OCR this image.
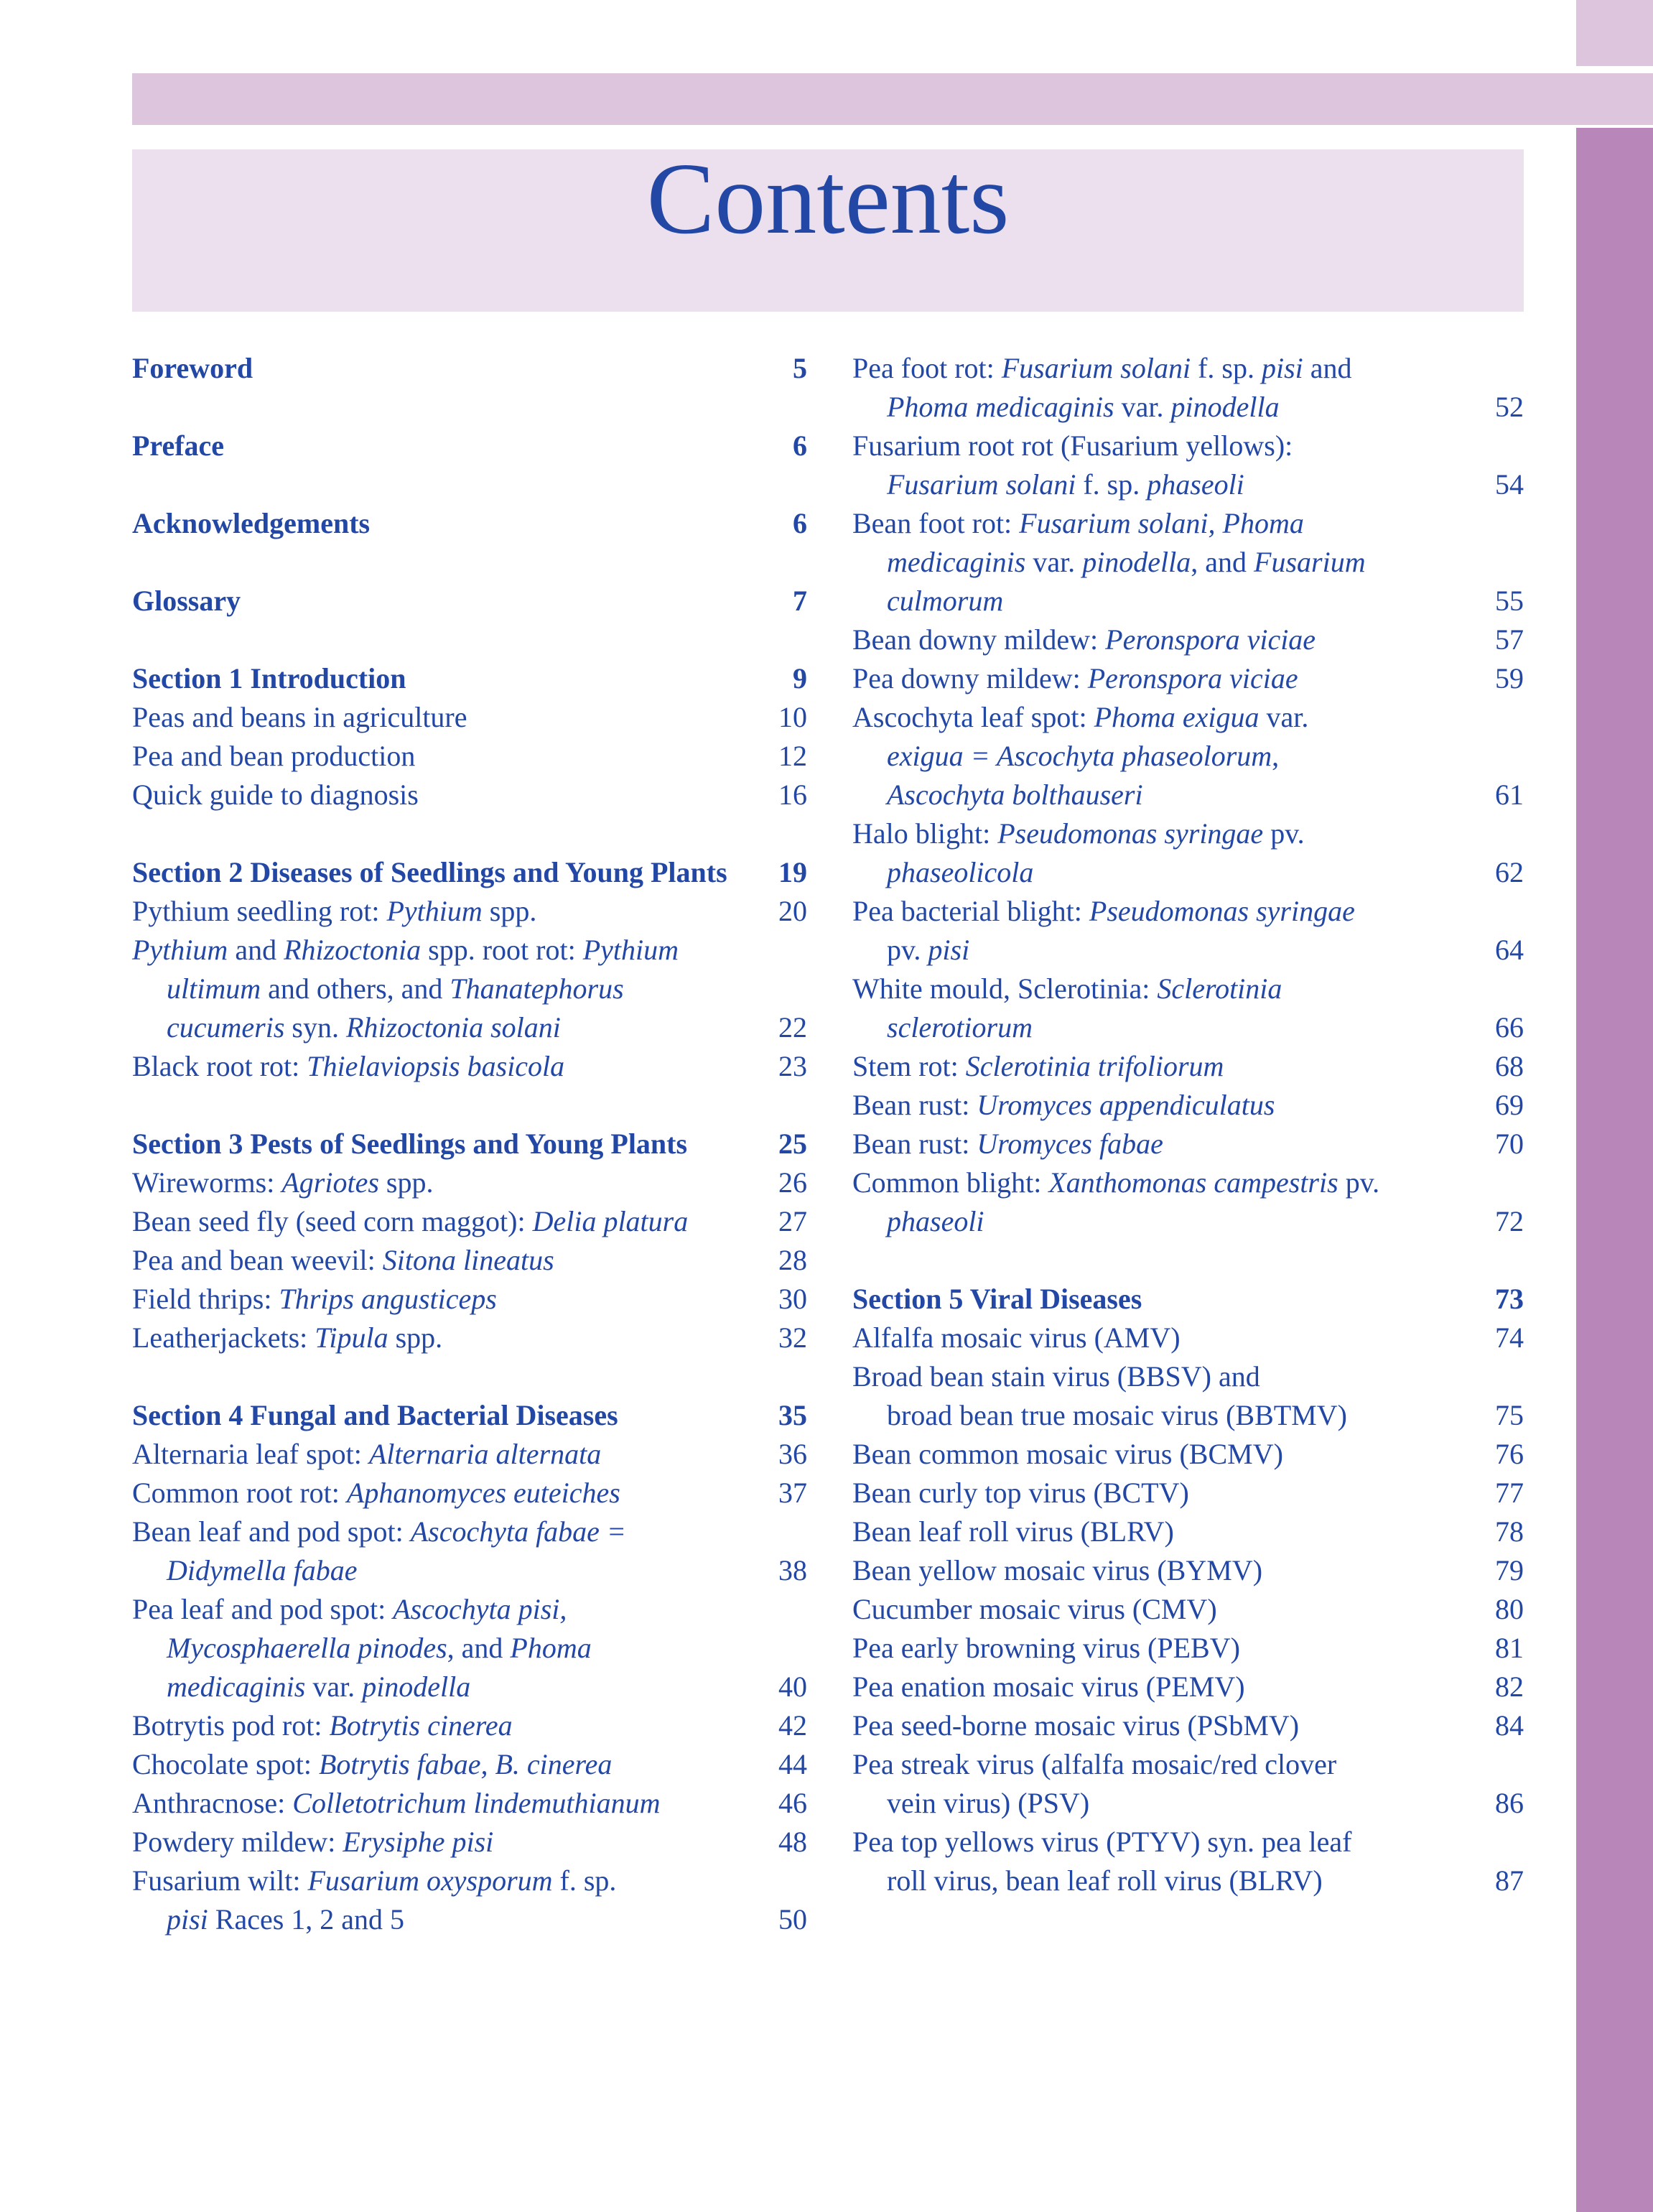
Contents
Foreword	5
Preface	6
Acknowledgements	6
Glossary	7
Section 1 Introduction	9
Peas and beans in agriculture	10
Pea and bean production	12
Quick guide to diagnosis	16
Section 2 Diseases of Seedlings and Young Plants	19
Pythium seedling rot: Pythium spp.	20
Pythium and Rhizoctonia spp. root rot: Pythium
ultimum and others, and Thanatephorus
cucumeris syn. Rhizoctonia solani	22
Black root rot: Thielaviopsis basicola	23
Section 3 Pests of Seedlings and Young Plants	25
Wireworms: Agriotes spp.	26
Bean seed fly (seed corn maggot): Delia platura	27
Pea and bean weevil: Sitona lineatus	28
Field thrips: Thrips angusticeps	30
Leatherjackets: Tipula spp.	32
Section 4 Fungal and Bacterial Diseases	35
Alternaria leaf spot: Alternaria alternata	36
Common root rot: Aphanomyces euteiches	37
Bean leaf and pod spot: Ascochyta fabae =
Didymella fabae	38
Pea leaf and pod spot: Ascochyta pisi,
Mycosphaerella pinodes, and Phoma
medicaginis var. pinodella	40
Botrytis pod rot: Botrytis cinerea	42
Chocolate spot: Botrytis fabae, B. cinerea	44
Anthracnose: Colletotrichum lindemuthianum	46
Powdery mildew: Erysiphe pisi	48
Fusarium wilt: Fusarium oxysporum f. sp.
pisi Races 1, 2 and 5	50
Pea foot rot: Fusarium solani f. sp. pisi and
Phoma medicaginis var. pinodella	52
Fusarium root rot (Fusarium yellows):
Fusarium solani f. sp. phaseoli	54
Bean foot rot: Fusarium solani, Phoma
medicaginis var. pinodella, and Fusarium
culmorum	55
Bean downy mildew: Peronspora viciae	57
Pea downy mildew: Peronspora viciae	59
Ascochyta leaf spot: Phoma exigua var.
exigua = Ascochyta phaseolorum,
Ascochyta bolthauseri	61
Halo blight: Pseudomonas syringae pv.
phaseolicola	62
Pea bacterial blight: Pseudomonas syringae
pv. pisi	64
White mould, Sclerotinia: Sclerotinia
sclerotiorum	66
Stem rot: Sclerotinia trifoliorum	68
Bean rust: Uromyces appendiculatus	69
Bean rust: Uromyces fabae	70
Common blight: Xanthomonas campestris pv.
phaseoli	72
Section 5 Viral Diseases	73
Alfalfa mosaic virus (AMV)	74
Broad bean stain virus (BBSV) and
broad bean true mosaic virus (BBTMV)	75
Bean common mosaic virus (BCMV)	76
Bean curly top virus (BCTV)	77
Bean leaf roll virus (BLRV)	78
Bean yellow mosaic virus (BYMV)	79
Cucumber mosaic virus (CMV)	80
Pea early browning virus (PEBV)	81
Pea enation mosaic virus (PEMV)	82
Pea seed-borne mosaic virus (PSbMV)	84
Pea streak virus (alfalfa mosaic/red clover
vein virus) (PSV)	86
Pea top yellows virus (PTYV) syn. pea leaf
roll virus, bean leaf roll virus (BLRV)	87
